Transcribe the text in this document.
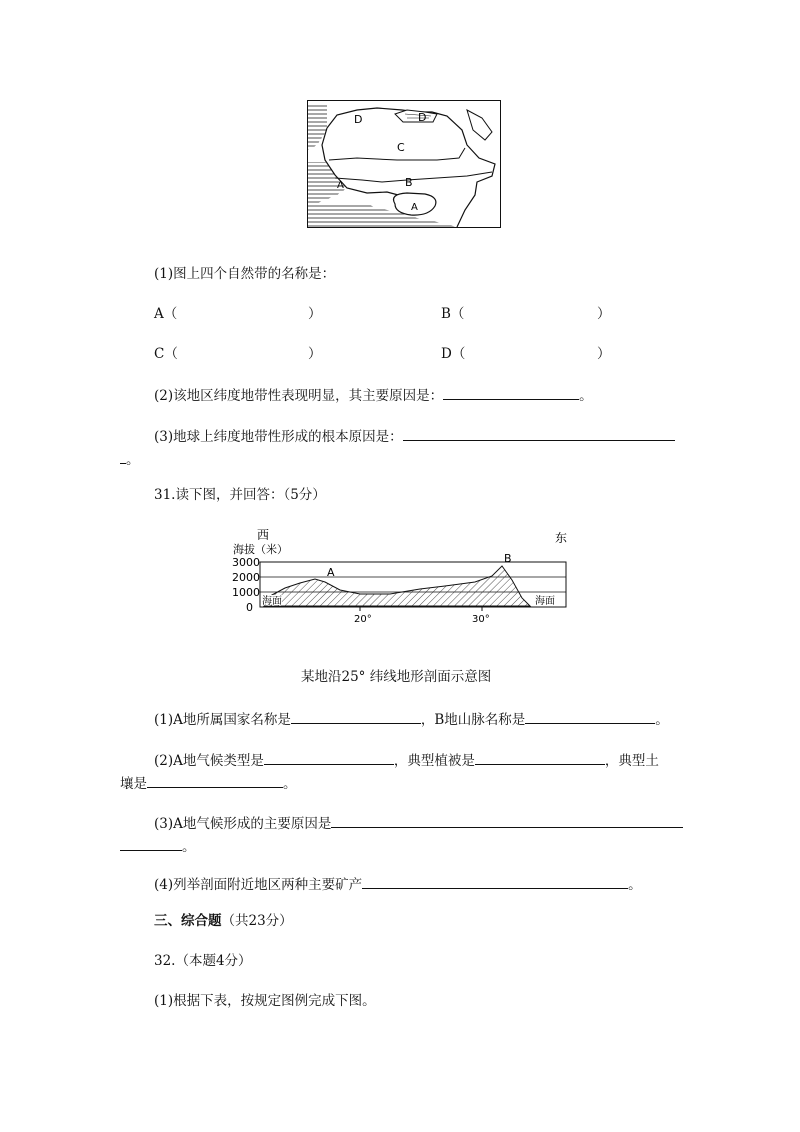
D	D
C
B
A
A
(1)图上四个自然带的名称是：
A（	）	B（	）
C（	）	D（	）
(2)该地区纬度地带性表现明显，其主要原因是：	。
(3)地球上纬度地带性形成的根本原因是：
。
31.读下图，并回答：（5分）
西	东
海拔（米）
3000
2000
1000
0 海面	海面
A
B
20°	30°
某地沿25° 纬线地形剖面示意图
(1)A地所属国家名称是	，B地山脉名称是	。
(2)A地气候类型是	，典型植被是	，典型土
壤是	。
(3)A地气候形成的主要原因是
。
(4)列举剖面附近地区两种主要矿产	。
三、综合题（共23分）
32.（本题4分）
(1)根据下表，按规定图例完成下图。
